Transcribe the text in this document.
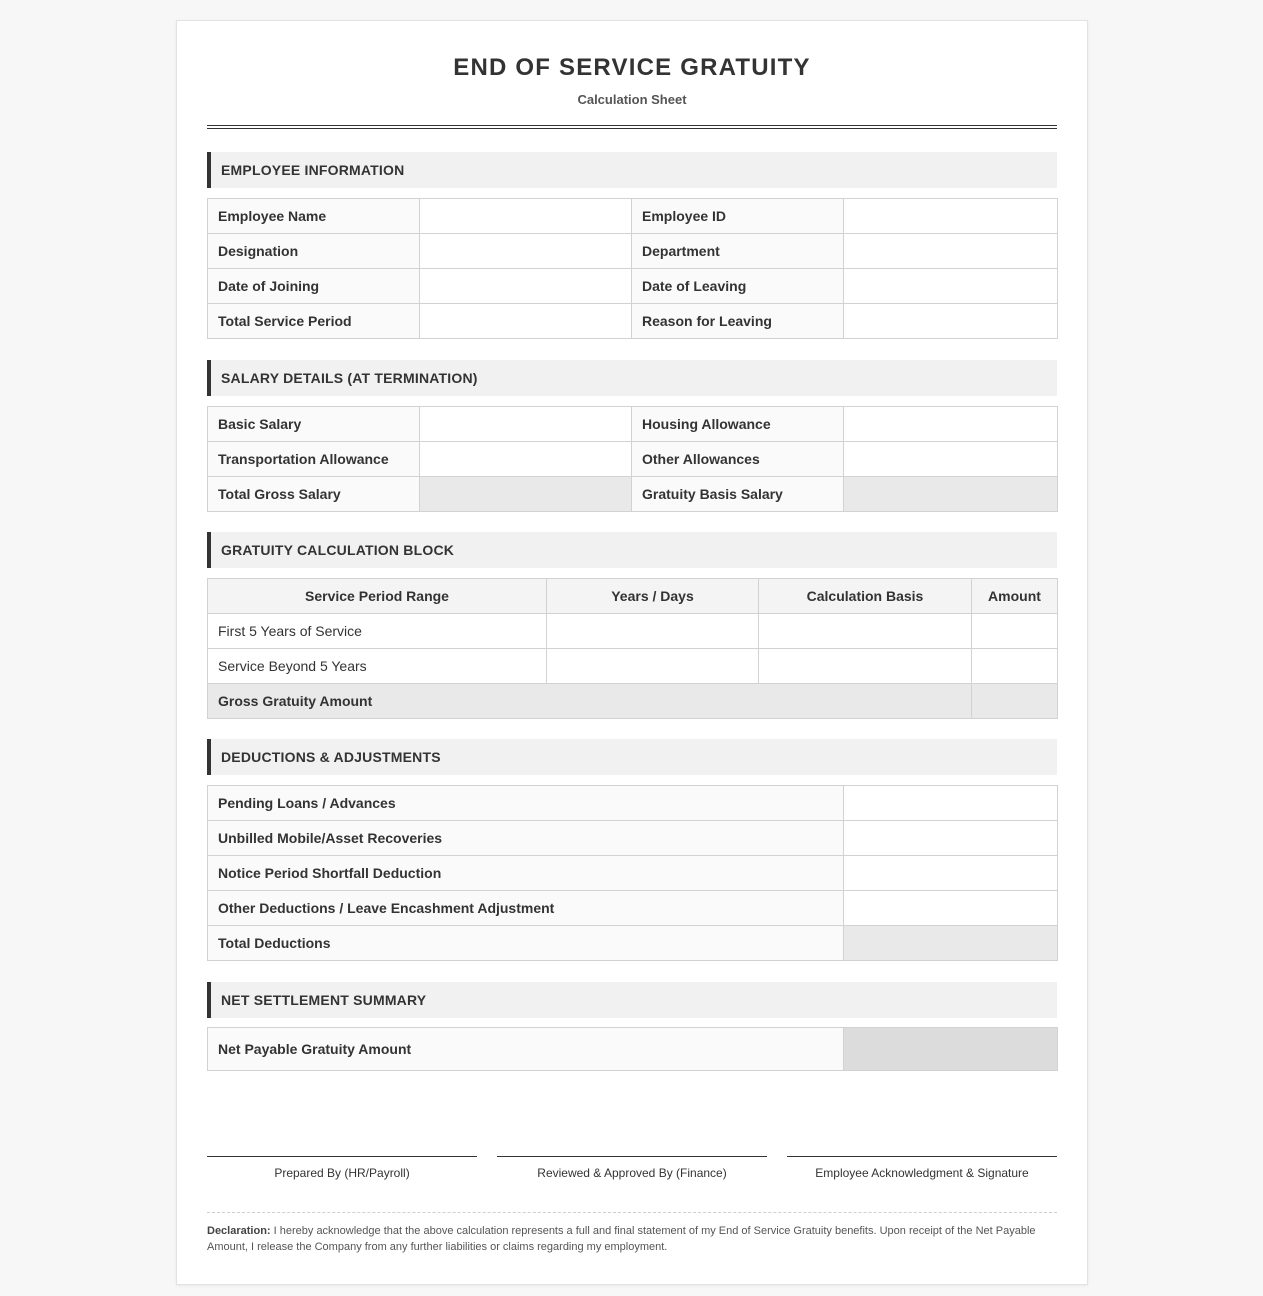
END OF SERVICE GRATUITY
Calculation Sheet
EMPLOYEE INFORMATION
Employee Name		Employee ID	
Designation		Department	
Date of Joining		Date of Leaving	
Total Service Period		Reason for Leaving	
SALARY DETAILS (AT TERMINATION)
Basic Salary		Housing Allowance	
Transportation Allowance		Other Allowances	
Total Gross Salary		Gratuity Basis Salary	
GRATUITY CALCULATION BLOCK
Service Period Range	Years / Days	Calculation Basis	Amount
First 5 Years of Service			
Service Beyond 5 Years			
Gross Gratuity Amount			
DEDUCTIONS & ADJUSTMENTS
Pending Loans / Advances	
Unbilled Mobile/Asset Recoveries	
Notice Period Shortfall Deduction	
Other Deductions / Leave Encashment Adjustment	
Total Deductions	
NET SETTLEMENT SUMMARY
Net Payable Gratuity Amount	
Prepared By (HR/Payroll)	Reviewed & Approved By (Finance)	Employee Acknowledgment & Signature
Declaration: I hereby acknowledge that the above calculation represents a full and final statement of my End of Service Gratuity benefits. Upon receipt of the Net Payable Amount, I release the Company from any further liabilities or claims regarding my employment.
